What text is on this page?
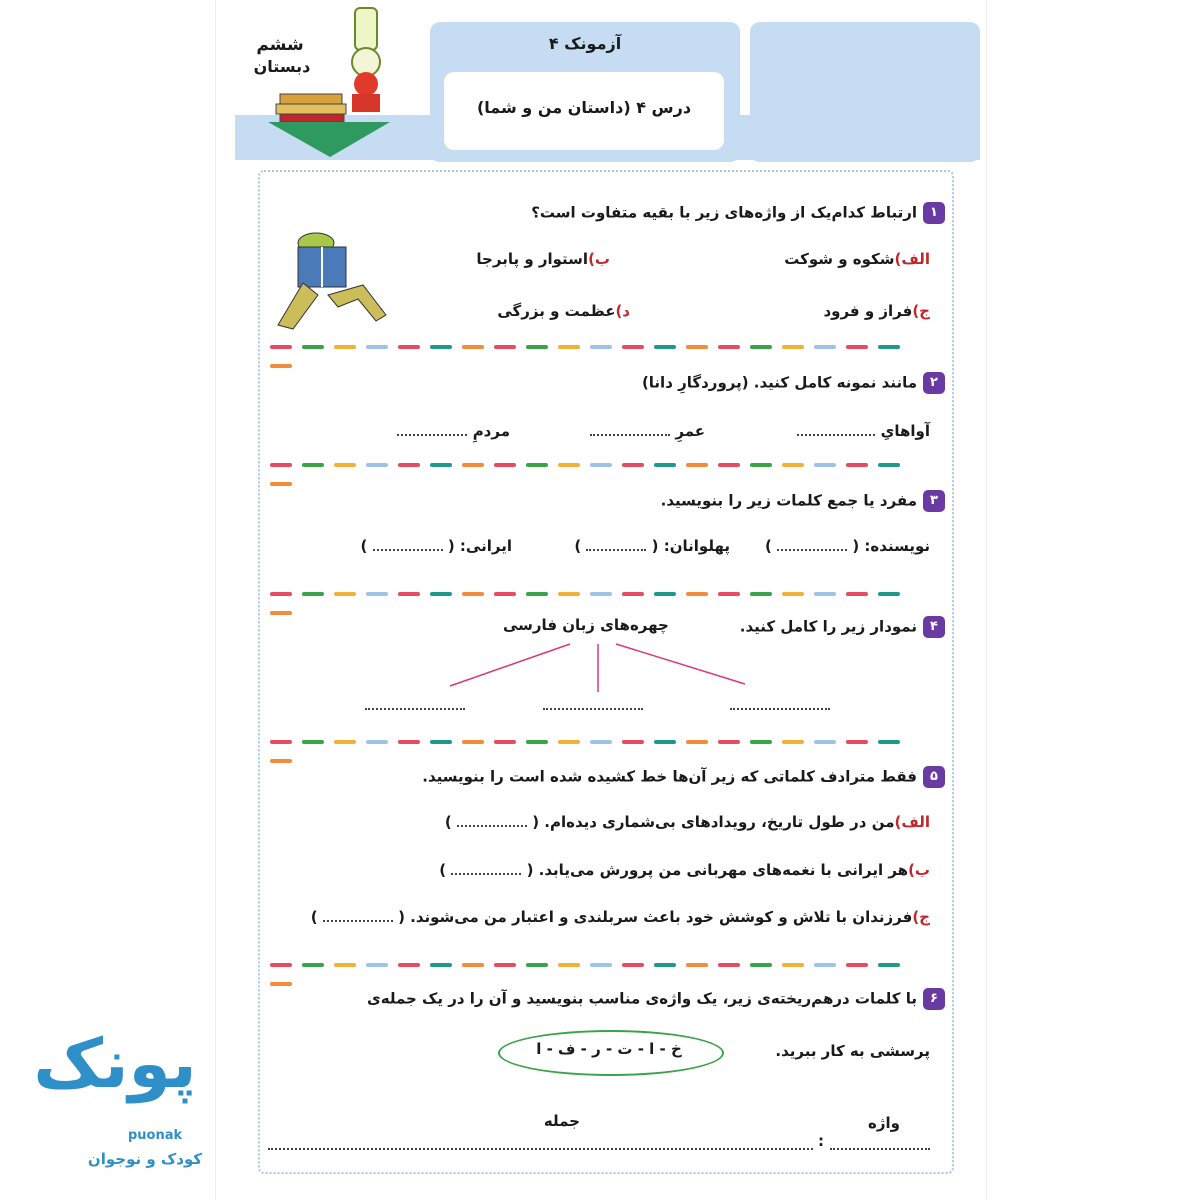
آزمونک ۴
درس ۴ (داستان من و شما)
ششم
دبستان
۱ارتباط کدام‌یک از واژه‌های زیر با بقیه متفاوت است؟
الف)شکوه و شوکت
ب)استوار و پابرجا
ج)فراز و فرود
د)عظمت و بزرگی
۲مانند نمونه کامل کنید. (پروردگارِ دانا)
آواهایِ
عمرِ
مردمِ
۳مفرد یا جمع کلمات زیر را بنویسید.
نویسنده: (  )
پهلوانان: (  )
ایرانی: (  )
۴نمودار زیر را کامل کنید.
چهره‌های زبان فارسی
۵فقط مترادف کلماتی که زیر آن‌ها خط کشیده شده است را بنویسید.
الف)من در طول تاریخ، رویدادهای بی‌شماری دیده‌ام. (  )
ب)هر ایرانی با نغمه‌های مهربانی من پرورش می‌یابد. (  )
ج)فرزندان با تلاش و کوشش خود باعث سربلندی و اعتبار من می‌شوند. (  )
۶با کلمات درهم‌ریخته‌ی زیر، یک واژه‌ی مناسب بنویسید و آن را در یک جمله‌ی
پرسشی به کار ببرید.
خ - ا - ت - ر - ف - ا
واژه
جمله
:
پونک
puonak
کودک و نوجوان
